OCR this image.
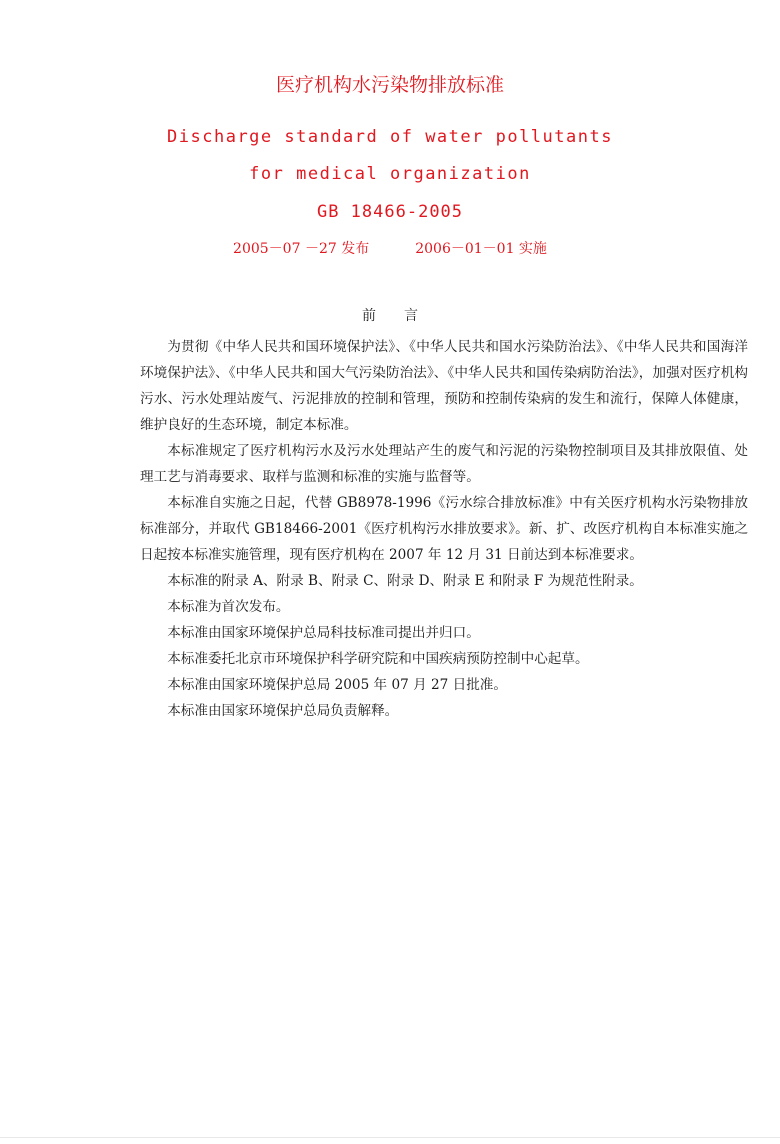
医疗机构水污染物排放标准
Discharge standard of water pollutants
for medical organization
GB 18466-2005
2005－07 －27 发布	2006－01－01 实施
前言

为贯彻《中华人民共和国环境保护法》、《中华人民共和国水污染防治法》、《中华人民共和国海洋环境保护法》、《中华人民共和国大气污染防治法》、《中华人民共和国传染病防治法》，加强对医疗机构污水、污水处理站废气、污泥排放的控制和管理，预防和控制传染病的发生和流行，保障人体健康，维护良好的生态环境，制定本标准。

本标准规定了医疗机构污水及污水处理站产生的废气和污泥的污染物控制项目及其排放限值、处理工艺与消毒要求、取样与监测和标准的实施与监督等。

本标准自实施之日起，代替 GB8978-1996《污水综合排放标准》中有关医疗机构水污染物排放标准部分，并取代 GB18466-2001《医疗机构污水排放要求》。新、扩、改医疗机构自本标准实施之日起按本标准实施管理，现有医疗机构在 2007 年 12 月 31 日前达到本标准要求。

本标准的附录 A、附录 B、附录 C、附录 D、附录 E 和附录 F 为规范性附录。

本标准为首次发布。

本标准由国家环境保护总局科技标准司提出并归口。

本标准委托北京市环境保护科学研究院和中国疾病预防控制中心起草。

本标准由国家环境保护总局 2005 年 07 月 27 日批准。

本标准由国家环境保护总局负责解释。
